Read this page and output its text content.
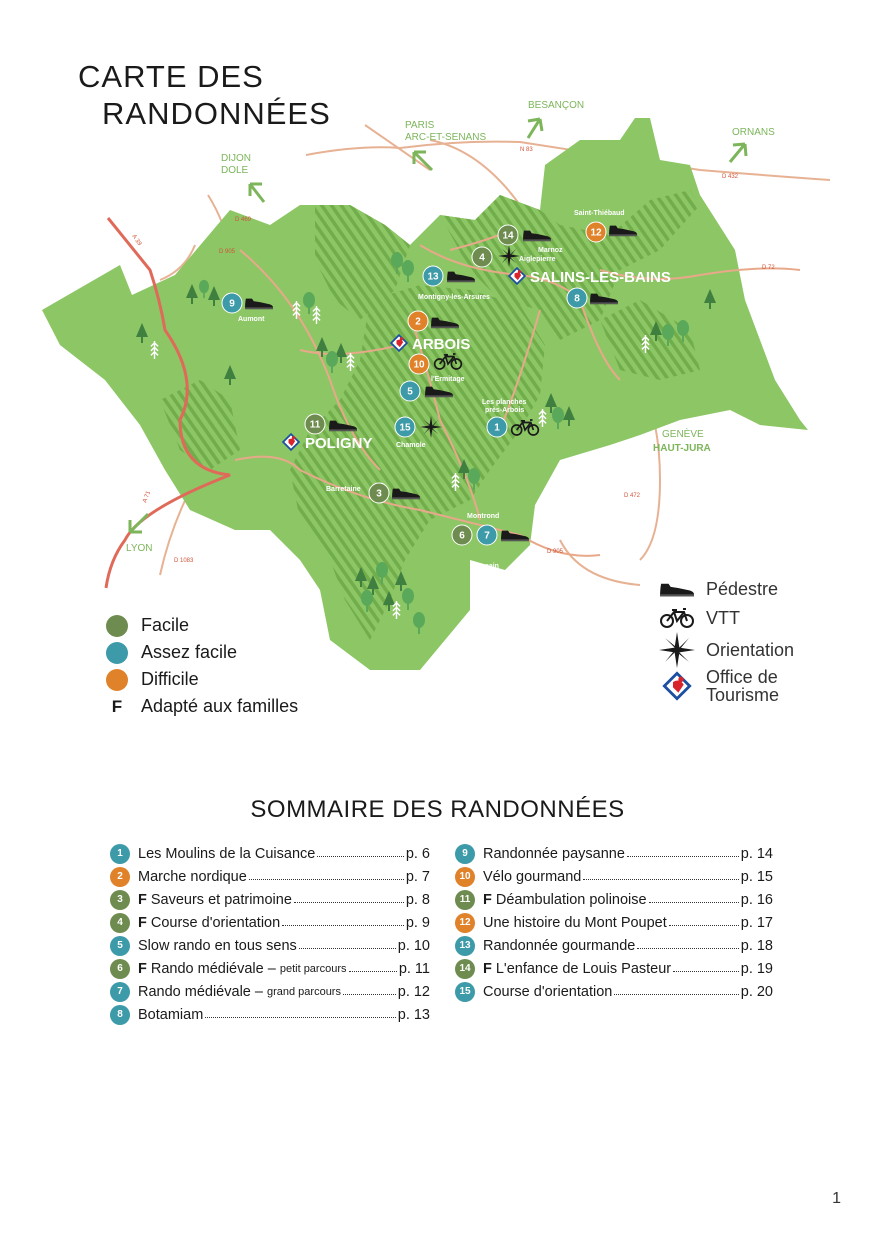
CARTE DES
RANDONNÉES	BESANÇON
PARIS
ARC-ET-SENANS	ORNANS
DIJON
DOLE
GENÈVE
HAUT-JURA
LYON
N 83
D 432
D 469
D 905
D 72
A 39
A 71	D 472
D 905
D 1083
SALINS-LES-BAINS
ARBOIS
POLIGNY
Saint-Thiébaud
Marnoz
Aiglepierre
Montigny-les-Arsures
Aumont
l'Ermitage
Les planches
près-Arbois
Chamole
Barretaine
Montrond
Besain
1
2
3
4
5
6 7
8
9
10
11
12
13
14
15
Facile
Assez facile
Difficile
F	Adapté aux familles
Pédestre
VTT
Orientation
Office de
Tourisme
SOMMAIRE DES RANDONNÉES
1	Les Moulins de la Cuisance	p. 6
2	Marche nordique	p. 7
3	F Saveurs et patrimoine	p. 8
4	F Course d'orientation	p. 9
5	Slow rando en tous sens	p. 10
6	F Rando médiévale – petit parcours	p. 11
7	Rando médiévale – grand parcours	p. 12
8	Botamiam	p. 13
9	Randonnée paysanne	p. 14
10 Vélo gourmand	p. 15
11 F Déambulation polinoise	p. 16
12 Une histoire du Mont Poupet	p. 17
13 Randonnée gourmande	p. 18
14 F L'enfance de Louis Pasteur	p. 19
15 Course d'orientation	p. 20
1
